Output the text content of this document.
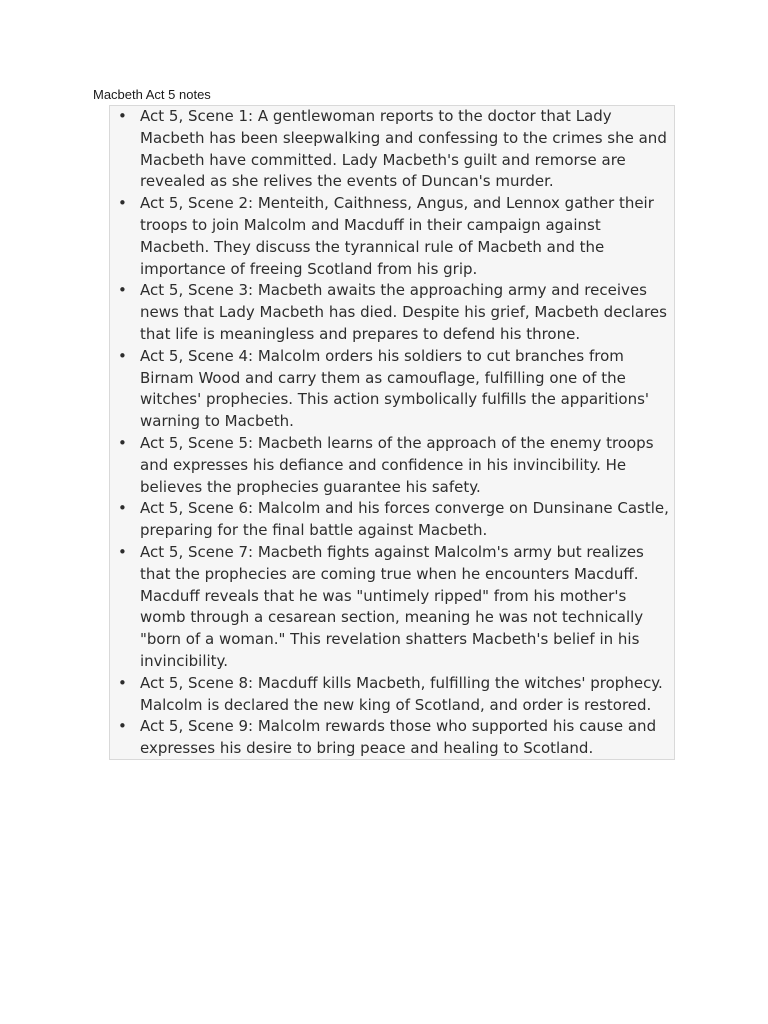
Macbeth Act 5 notes
• Act 5, Scene 1: A gentlewoman reports to the doctor that Lady
Macbeth has been sleepwalking and confessing to the crimes she and
Macbeth have committed. Lady Macbeth's guilt and remorse are
revealed as she relives the events of Duncan's murder.
• Act 5, Scene 2: Menteith, Caithness, Angus, and Lennox gather their
troops to join Malcolm and Macduff in their campaign against
Macbeth. They discuss the tyrannical rule of Macbeth and the
importance of freeing Scotland from his grip.
• Act 5, Scene 3: Macbeth awaits the approaching army and receives
news that Lady Macbeth has died. Despite his grief, Macbeth declares
that life is meaningless and prepares to defend his throne.
• Act 5, Scene 4: Malcolm orders his soldiers to cut branches from
Birnam Wood and carry them as camouflage, fulfilling one of the
witches' prophecies. This action symbolically fulfills the apparitions'
warning to Macbeth.
• Act 5, Scene 5: Macbeth learns of the approach of the enemy troops
and expresses his defiance and confidence in his invincibility. He
believes the prophecies guarantee his safety.
• Act 5, Scene 6: Malcolm and his forces converge on Dunsinane Castle,
preparing for the final battle against Macbeth.
• Act 5, Scene 7: Macbeth fights against Malcolm's army but realizes
that the prophecies are coming true when he encounters Macduff.
Macduff reveals that he was "untimely ripped" from his mother's
womb through a cesarean section, meaning he was not technically
"born of a woman." This revelation shatters Macbeth's belief in his
invincibility.
• Act 5, Scene 8: Macduff kills Macbeth, fulfilling the witches' prophecy.
Malcolm is declared the new king of Scotland, and order is restored.
• Act 5, Scene 9: Malcolm rewards those who supported his cause and
expresses his desire to bring peace and healing to Scotland.
